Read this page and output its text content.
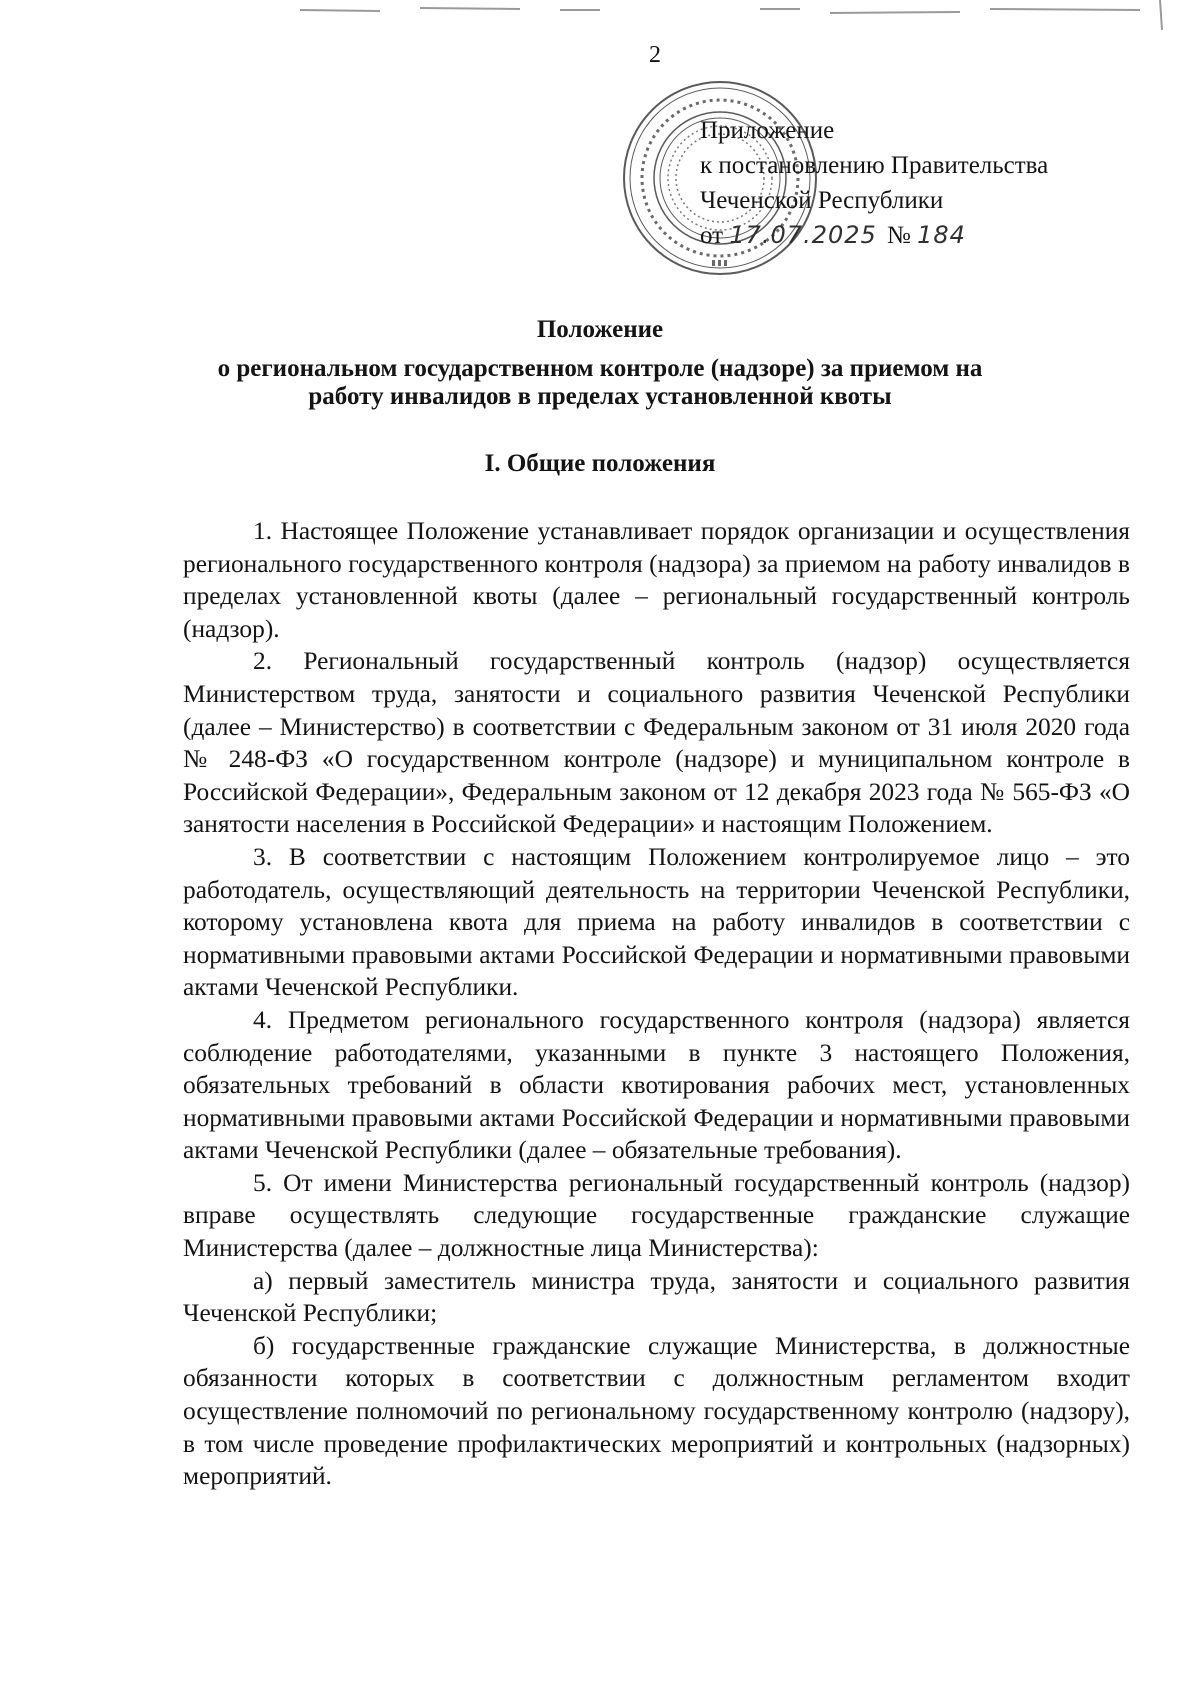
2
Приложение
к постановлению Правительства
Чеченской Республики
от 17.07.2025 № 184
Положение
о региональном государственном контроле (надзоре) за приемом на
работу инвалидов в пределах установленной квоты
I. Общие положения

1. Настоящее Положение устанавливает порядок организации и осуществления регионального государственного контроля (надзора) за приемом на работу инвалидов в пределах установленной квоты (далее – региональный государственный контроль (надзор).

2. Региональный государственный контроль (надзор) осуществляется Министерством труда, занятости и социального развития Чеченской Республики (далее – Министерство) в соответствии с Федеральным законом от 31 июля 2020 года № 248-ФЗ «О государственном контроле (надзоре) и муниципальном контроле в Российской Федерации», Федеральным законом от 12 декабря 2023 года № 565-ФЗ «О занятости населения в Российской Федерации» и настоящим Положением.

3. В соответствии с настоящим Положением контролируемое лицо – это работодатель, осуществляющий деятельность на территории Чеченской Республики, которому установлена квота для приема на работу инвалидов в соответствии с нормативными правовыми актами Российской Федерации и нормативными правовыми актами Чеченской Республики.

4. Предметом регионального государственного контроля (надзора) является соблюдение работодателями, указанными в пункте 3 настоящего Положения, обязательных требований в области квотирования рабочих мест, установленных нормативными правовыми актами Российской Федерации и нормативными правовыми актами Чеченской Республики (далее – обязательные требования).

5. От имени Министерства региональный государственный контроль (надзор) вправе осуществлять следующие государственные гражданские служащие Министерства (далее – должностные лица Министерства):

а) первый заместитель министра труда, занятости и социального развития Чеченской Республики;

б) государственные гражданские служащие Министерства, в должностные обязанности которых в соответствии с должностным регламентом входит осуществление полномочий по региональному государственному контролю (надзору), в том числе проведение профилактических мероприятий и контрольных (надзорных) мероприятий.
